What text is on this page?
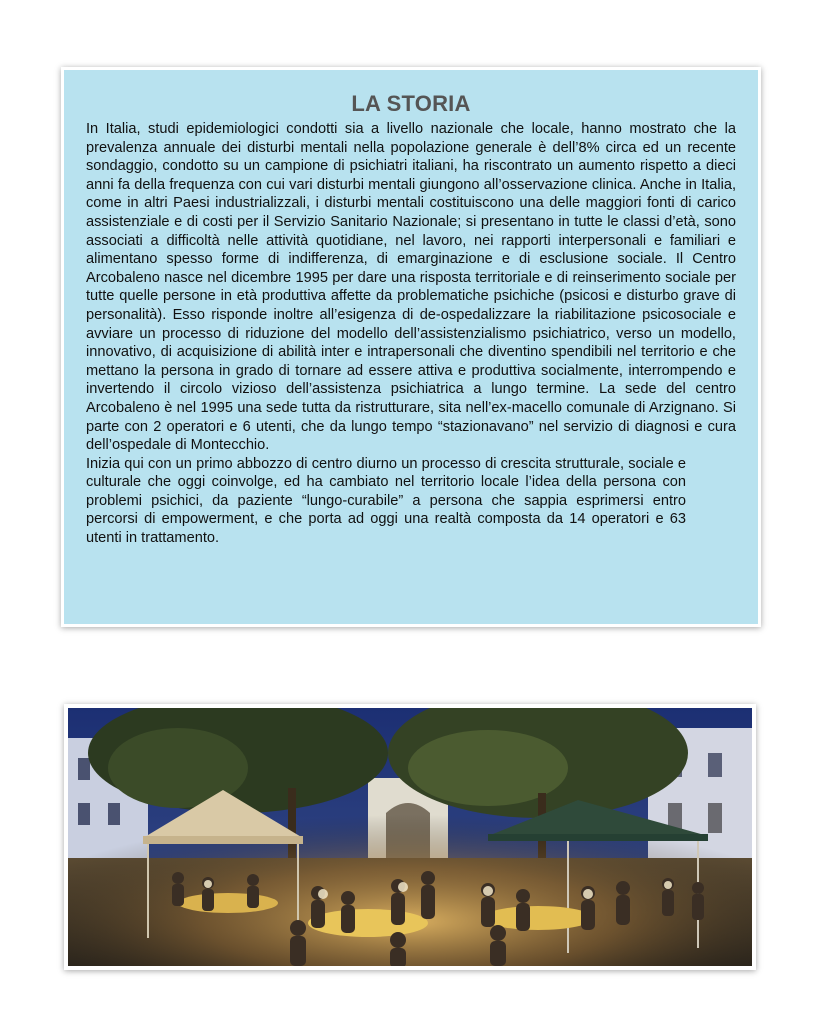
LA STORIA

In Italia, studi epidemiologici condotti sia a livello nazionale che locale, hanno mostrato che la prevalenza annuale dei disturbi mentali nella popolazione generale è dell’8% circa ed un recente sondaggio, condotto su un campione di psichiatri italiani, ha riscontrato un aumento rispetto a dieci anni fa della frequenza con cui vari disturbi mentali giungono all’osservazione clinica. Anche in Italia, come in altri Paesi industrializzali, i disturbi mentali costituiscono una delle maggiori fonti di carico assistenziale e di costi per il Servizio Sanitario Nazionale; si presentano in tutte le classi d’età, sono associati a difficoltà nelle attività quotidiane, nel lavoro, nei rapporti interpersonali e familiari e alimentano spesso forme di indifferenza, di emarginazione e di esclusione sociale. Il Centro Arcobaleno nasce nel dicembre 1995 per dare una risposta territoriale e di reinserimento sociale per tutte quelle persone in età produttiva affette da problematiche psichiche (psicosi e disturbo grave di personalità). Esso risponde inoltre all’esigenza di de-ospedalizzare la riabilitazione psicosociale e avviare un processo di riduzione del modello dell’assistenzialismo psichiatrico, verso un modello, innovativo, di acquisizione di abilità inter e intrapersonali che diventino spendibili nel territorio e che mettano la persona in grado di tornare ad essere attiva e produttiva socialmente, interrompendo e invertendo il circolo vizioso dell’assistenza psichiatrica a lungo termine. La sede del centro Arcobaleno è nel 1995 una sede tutta da ristrutturare, sita nell’ex-macello comunale di Arzignano. Si parte con 2 operatori e 6 utenti, che da lungo tempo “stazionavano” nel servizio di diagnosi e cura dell’ospedale di Montecchio.

Inizia qui con un primo abbozzo di centro diurno un processo di crescita strutturale, sociale e culturale che oggi coinvolge, ed ha cambiato nel territorio locale l’idea della persona con problemi psichici, da paziente “lungo-curabile” a persona che sappia esprimersi entro percorsi di empowerment, e che porta ad oggi una realtà composta da 14 operatori e 63 utenti in trattamento.
